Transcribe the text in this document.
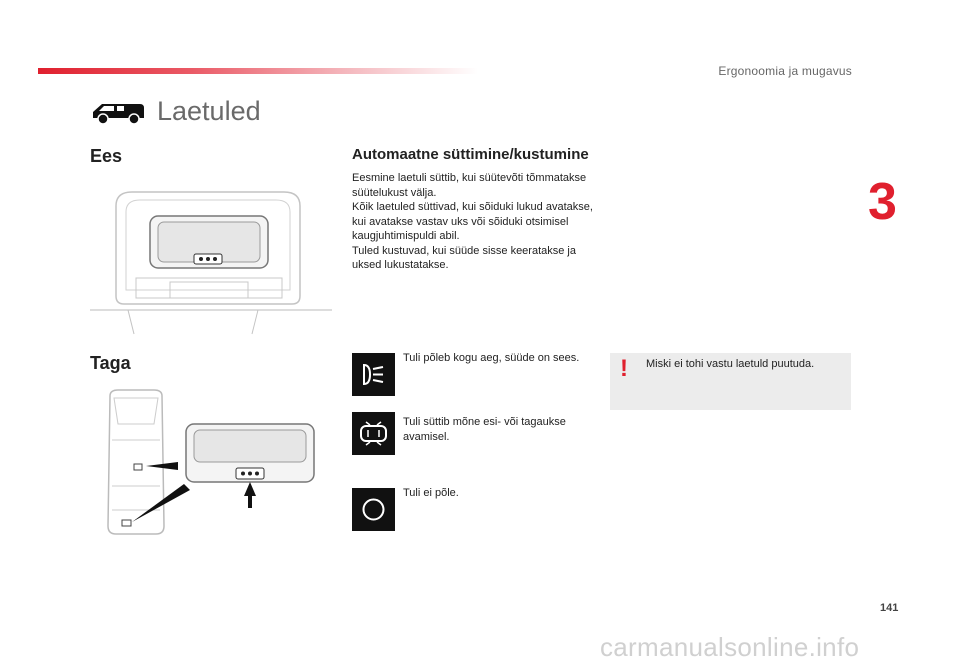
Ergonoomia ja mugavus
3
Laetuled
Ees
Taga
Automaatne süttimine/kustumine

Eesmine laetuli süttib, kui süütevõti tõmmatakse süütelukust välja.

Kõik laetuled süttivad, kui sõiduki lukud avatakse, kui avatakse vastav uks või sõiduki otsimisel kaugjuhtimispuldi abil.

Tuled kustuvad, kui süüde sisse keeratakse ja uksed lukustatakse.

Tuli põleb kogu aeg, süüde on sees.
Tuli süttib mõne esi- või tagaukse avamisel.
Tuli ei põle.
! Miski ei tohi vastu laetuld puutuda.
141
carmanualsonline.info
